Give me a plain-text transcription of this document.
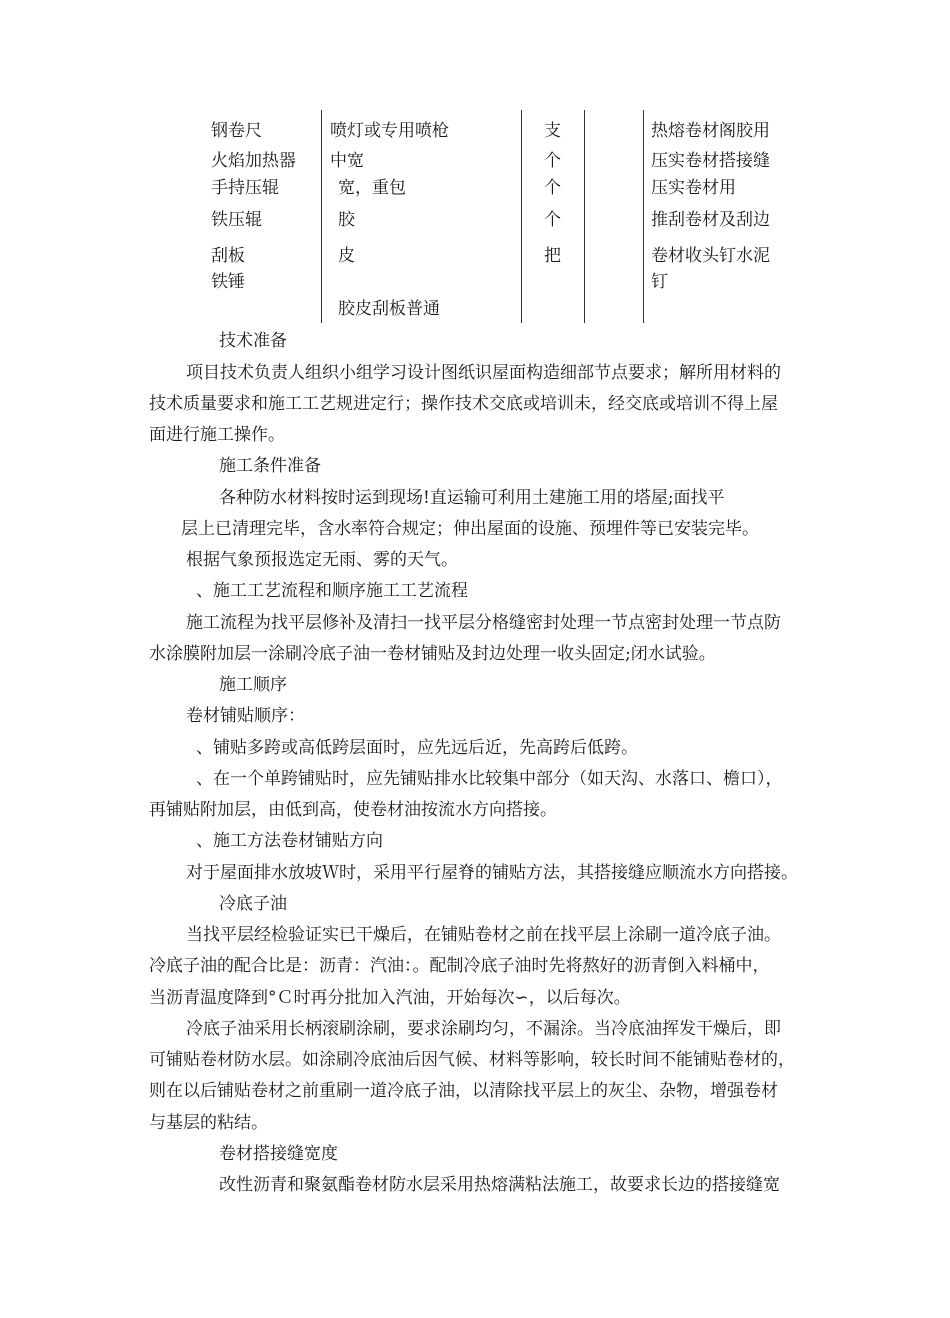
钢卷尺
火焰加热器
手持压辊
铁压辊
刮板
铁锤
喷灯或专用喷枪
中宽
宽，重包
胶
皮
胶皮刮板普通
支
个
个
个
把
热熔卷材阁胶用
压实卷材搭接缝
压实卷材用
推刮卷材及刮边
卷材收头钉水泥
钉
技术准备
项目技术负责人组织小组学习设计图纸识屋面构造细部节点要求；解所用材料的
技术质量要求和施工工艺规进定行；操作技术交底或培训未，经交底或培训不得上屋
面进行施工操作。
施工条件准备
各种防水材料按时运到现场!直运输可利用土建施工用的塔屋;面找平
层上已清理完毕，含水率符合规定；伸出屋面的设施、预埋件等已安装完毕。
根据气象预报选定无雨、雾的天气。
、施工工艺流程和顺序施工工艺流程
施工流程为找平层修补及清扫一找平层分格缝密封处理一节点密封处理一节点防
水涂膜附加层一涂刷冷底子油一卷材铺贴及封边处理一收头固定;闭水试验。
施工顺序
卷材铺贴顺序：
、铺贴多跨或高低跨层面时，应先远后近，先高跨后低跨。
、在一个单跨铺贴时，应先铺贴排水比较集中部分（如天沟、水落口、檐口），
再铺贴附加层，由低到高，使卷材油按流水方向搭接。
、施工方法卷材铺贴方向
对于屋面排水放坡Ｗ时，采用平行屋脊的铺贴方法，其搭接缝应顺流水方向搭接。
冷底子油
当找平层经检验证实已干燥后，在铺贴卷材之前在找平层上涂刷一道冷底子油。
冷底子油的配合比是：沥青：汽油：。配制冷底子油时先将熬好的沥青倒入料桶中，
当沥青温度降到°Ｃ时再分批加入汽油，开始每次∽，以后每次。
冷底子油采用长柄滚刷涂刷，要求涂刷均匀，不漏涂。当冷底油挥发干燥后，即
可铺贴卷材防水层。如涂刷冷底油后因气候、材料等影响，较长时间不能铺贴卷材的，
则在以后铺贴卷材之前重刷一道冷底子油，以清除找平层上的灰尘、杂物，增强卷材
与基层的粘结。
卷材搭接缝宽度
改性沥青和聚氨酯卷材防水层采用热熔满粘法施工，故要求长边的搭接缝宽
